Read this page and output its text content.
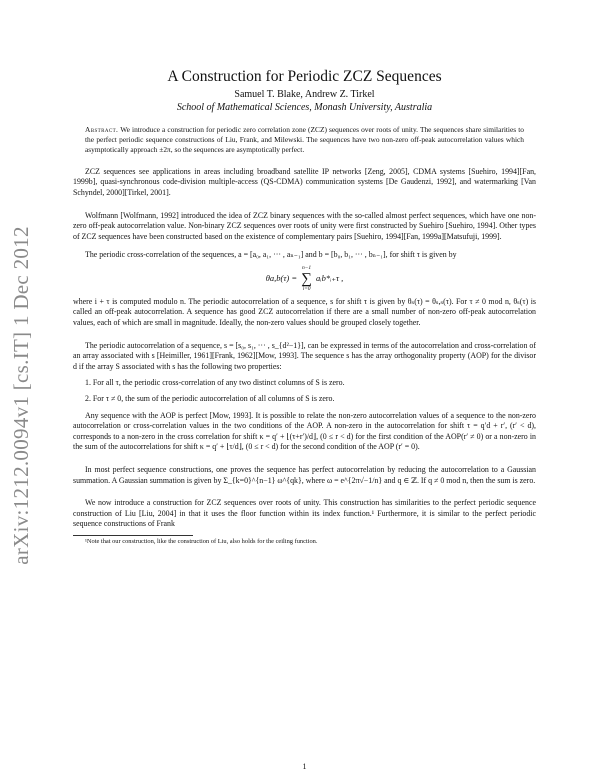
arXiv:1212.0094v1 [cs.IT] 1 Dec 2012
A Construction for Periodic ZCZ Sequences
Samuel T. Blake, Andrew Z. Tirkel
School of Mathematical Sciences, Monash University, Australia
Abstract. We introduce a construction for periodic zero correlation zone (ZCZ) sequences over roots of unity. The sequences share similarities to the perfect periodic sequence constructions of Liu, Frank, and Milewski. The sequences have two non-zero off-peak autocorrelation values which asymptotically approach ±2π, so the sequences are asymptotically perfect.

ZCZ sequences see applications in areas including broadband satellite IP networks [Zeng, 2005], CDMA systems [Suehiro, 1994][Fan, 1999b], quasi-synchronous code-division multiple-access (QS-CDMA) communication systems [De Gaudenzi, 1992], and watermarking [Van Schyndel, 2000][Tirkel, 2001].

Wolfmann [Wolfmann, 1992] introduced the idea of ZCZ binary sequences with the so-called almost perfect sequences, which have one non-zero off-peak autocorrelation value. Non-binary ZCZ sequences over roots of unity were first constructed by Suehiro [Suehiro, 1994]. Other types of ZCZ sequences have been constructed based on the existence of complementary pairs [Suehiro, 1994][Fan, 1999a][Matsufuji, 1999].

The periodic cross-correlation of the sequences, a = [a₀, a₁, ··· , aₙ₋₁] and b = [b₀, b₁, ··· , bₙ₋₁], for shift τ is given by

θa,b(τ) =
n−1
∑
i=0
aᵢb*ᵢ₊τ ,

where i + τ is computed modulo n. The periodic autocorrelation of a sequence, s for shift τ is given by θₛ(τ) = θₛ,ₛ(τ). For τ ≠ 0 mod n, θₛ(τ) is called an off-peak autocorrelation. A sequence has good ZCZ autocorrelation if there are a small number of non-zero off-peak autocorrelation values, each of which are small in magnitude. Ideally, the non-zero values should be grouped closely together.

The periodic autocorrelation of a sequence, s = [s₀, s₁, ··· , s_{d²−1}], can be expressed in terms of the autocorrelation and cross-correlation of an array associated with s [Heimiller, 1961][Frank, 1962][Mow, 1993]. The sequence s has the array orthogonality property (AOP) for the divisor d if the array S associated with s has the following two properties:

1. For all τ, the periodic cross-correlation of any two distinct columns of S is zero.
2. For τ ≠ 0, the sum of the periodic autocorrelation of all columns of S is zero.

Any sequence with the AOP is perfect [Mow, 1993]. It is possible to relate the non-zero autocorrelation values of a sequence to the non-zero autocorrelation or cross-correlation values in the two conditions of the AOP. A non-zero in the autocorrelation for shift τ = q′d + r′, (r′ < d), corresponds to a non-zero in the cross correlation for shift κ = q′ + ⌊(τ+r′)/d⌋, (0 ≤ r < d) for the first condition of the AOP(r′ ≠ 0) or a non-zero in the sum of the autocorrelations for shift κ = q′ + ⌊τ/d⌋, (0 ≤ r < d) for the second condition of the AOP (r′ = 0).

In most perfect sequence constructions, one proves the sequence has perfect autocorrelation by reducing the autocorrelation to a Gaussian summation. A Gaussian summation is given by Σ_{k=0}^{n−1} ω^{qk}, where ω = e^{2π√−1/n} and q ∈ ℤ. If q ≠ 0 mod n, then the sum is zero.

We now introduce a construction for ZCZ sequences over roots of unity. This construction has similarities to the perfect periodic sequence construction of Liu [Liu, 2004] in that it uses the floor function within its index function.¹ Furthermore, it is similar to the perfect periodic sequence constructions of Frank

¹Note that our construction, like the construction of Liu, also holds for the ceiling function.
1
